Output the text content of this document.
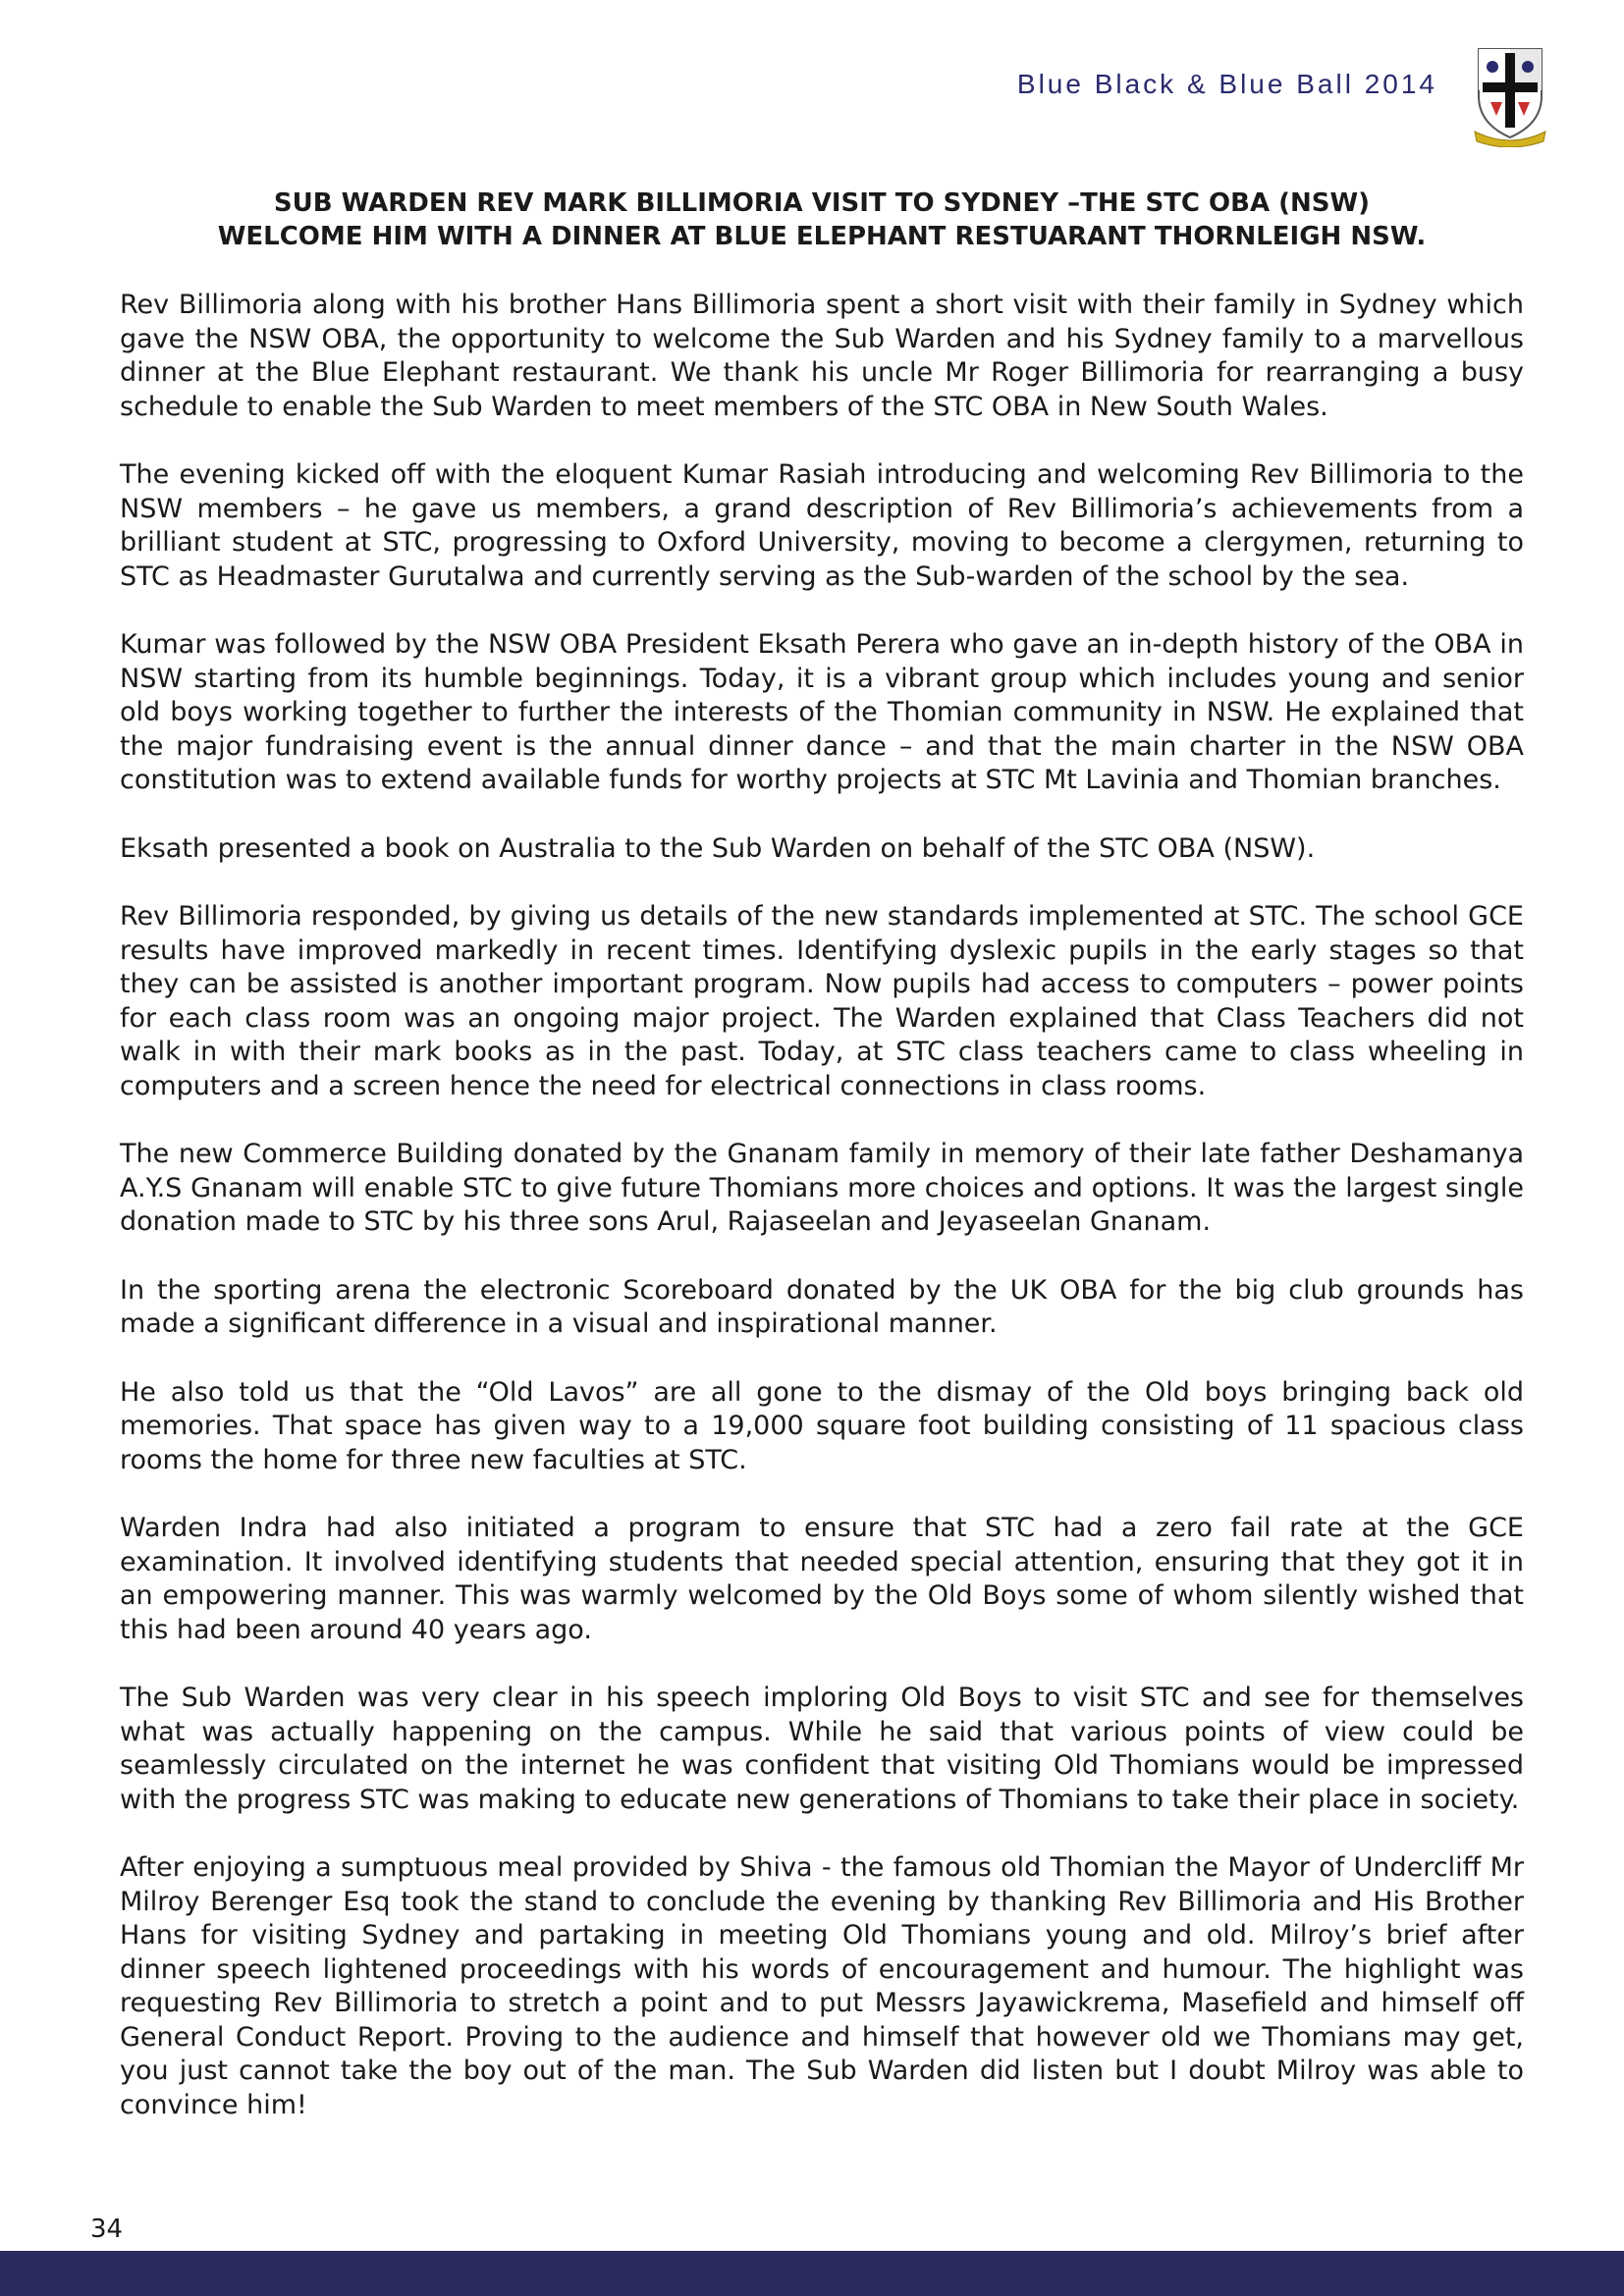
Blue Black & Blue Ball 2014
SUB WARDEN REV MARK BILLIMORIA VISIT TO SYDNEY –THE STC OBA (NSW)
WELCOME HIM WITH A DINNER AT BLUE ELEPHANT RESTUARANT THORNLEIGH NSW.

Rev Billimoria along with his brother Hans Billimoria spent a short visit with their family in Sydney which gave the NSW OBA, the opportunity to welcome the Sub Warden and his Sydney family to a marvellous dinner at the Blue Elephant restaurant. We thank his uncle Mr Roger Billimoria for rearranging a busy schedule to enable the Sub Warden to meet members of the STC OBA in New South Wales.

The evening kicked off with the eloquent Kumar Rasiah introducing and welcoming Rev Billimoria to the NSW members – he gave us members, a grand description of Rev Billimoria’s achievements from a brilliant student at STC, progressing to Oxford University, moving to become a clergymen, returning to STC as Headmaster Gurutalwa and currently serving as the Sub-warden of the school by the sea.

Kumar was followed by the NSW OBA President Eksath Perera who gave an in-depth history of the OBA in NSW starting from its humble beginnings. Today, it is a vibrant group which includes young and senior old boys working together to further the interests of the Thomian community in NSW. He explained that the major fundraising event is the annual dinner dance – and that the main charter in the NSW OBA constitution was to extend available funds for worthy projects at STC Mt Lavinia and Thomian branches.

Eksath presented a book on Australia to the Sub Warden on behalf of the STC OBA (NSW).

Rev Billimoria responded, by giving us details of the new standards implemented at STC. The school GCE results have improved markedly in recent times. Identifying dyslexic pupils in the early stages so that they can be assisted is another important program. Now pupils had access to computers – power points for each class room was an ongoing major project. The Warden explained that Class Teachers did not walk in with their mark books as in the past. Today, at STC class teachers came to class wheeling in computers and a screen hence the need for electrical connections in class rooms.

The new Commerce Building donated by the Gnanam family in memory of their late father Deshamanya A.Y.S Gnanam will enable STC to give future Thomians more choices and options. It was the largest single donation made to STC by his three sons Arul, Rajaseelan and Jeyaseelan Gnanam.

In the sporting arena the electronic Scoreboard donated by the UK OBA for the big club grounds has made a significant difference in a visual and inspirational manner.

He also told us that the “Old Lavos” are all gone to the dismay of the Old boys bringing back old memories. That space has given way to a 19,000 square foot building consisting of 11 spacious class rooms the home for three new faculties at STC.

Warden Indra had also initiated a program to ensure that STC had a zero fail rate at the GCE examination. It involved identifying students that needed special attention, ensuring that they got it in an empowering manner. This was warmly welcomed by the Old Boys some of whom silently wished that this had been around 40 years ago.

The Sub Warden was very clear in his speech imploring Old Boys to visit STC and see for themselves what was actually happening on the campus. While he said that various points of view could be seamlessly circulated on the internet he was confident that visiting Old Thomians would be impressed with the progress STC was making to educate new generations of Thomians to take their place in society.

After enjoying a sumptuous meal provided by Shiva - the famous old Thomian the Mayor of Undercliff Mr Milroy Berenger Esq took the stand to conclude the evening by thanking Rev Billimoria and His Brother Hans for visiting Sydney and partaking in meeting Old Thomians young and old. Milroy’s brief after dinner speech lightened proceedings with his words of encouragement and humour. The highlight was requesting Rev Billimoria to stretch a point and to put Messrs Jayawickrema, Masefield and himself off General Conduct Report. Proving to the audience and himself that however old we Thomians may get, you just cannot take the boy out of the man. The Sub Warden did listen but I doubt Milroy was able to convince him!

34
